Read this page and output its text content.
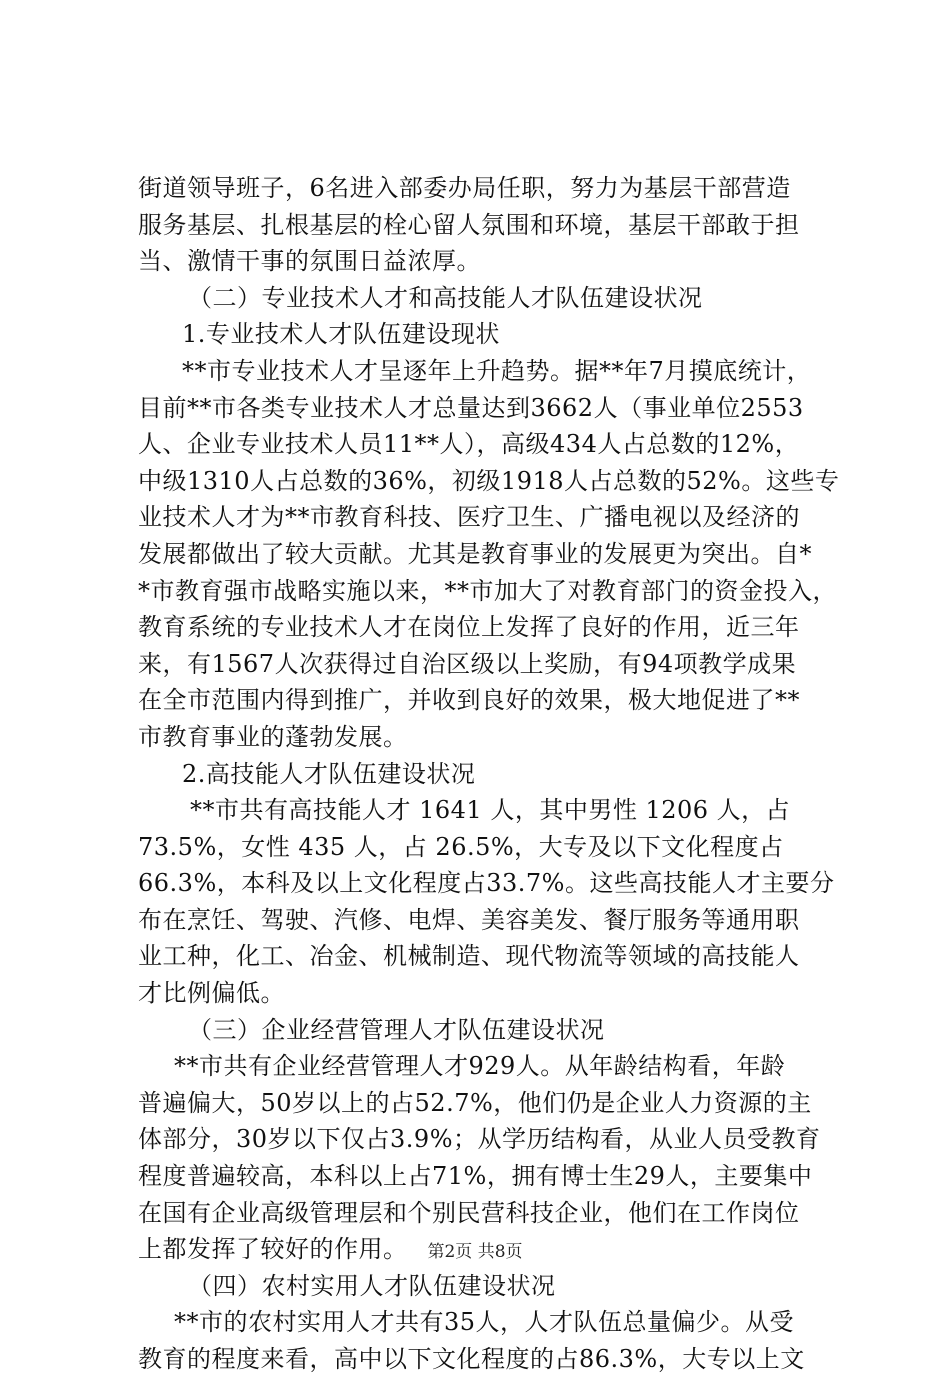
街道领导班子，6名进入部委办局任职，努力为基层干部营造
服务基层、扎根基层的栓心留人氛围和环境，基层干部敢于担
当、激情干事的氛围日益浓厚。
（二）专业技术人才和高技能人才队伍建设状况
1.专业技术人才队伍建设现状
**市专业技术人才呈逐年上升趋势。据**年7月摸底统计，
目前**市各类专业技术人才总量达到3662人（事业单位2553
人、企业专业技术人员11**人），高级434人占总数的12%，
中级1310人占总数的36%，初级1918人占总数的52%。这些专
业技术人才为**市教育科技、医疗卫生、广播电视以及经济的
发展都做出了较大贡献。尤其是教育事业的发展更为突出。自*
*市教育强市战略实施以来，**市加大了对教育部门的资金投入，
教育系统的专业技术人才在岗位上发挥了良好的作用，近三年
来，有1567人次获得过自治区级以上奖励，有94项教学成果
在全市范围内得到推广，并收到良好的效果，极大地促进了**
市教育事业的蓬勃发展。
2.高技能人才队伍建设状况
**市共有高技能人才 1641 人，其中男性 1206 人，占
73.5%，女性 435 人，占 26.5%，大专及以下文化程度占
66.3%，本科及以上文化程度占33.7%。这些高技能人才主要分
布在烹饪、驾驶、汽修、电焊、美容美发、餐厅服务等通用职
业工种，化工、冶金、机械制造、现代物流等领域的高技能人
才比例偏低。
（三）企业经营管理人才队伍建设状况
**市共有企业经营管理人才929人。从年龄结构看，年龄
普遍偏大，50岁以上的占52.7%，他们仍是企业人力资源的主
体部分，30岁以下仅占3.9%；从学历结构看，从业人员受教育
程度普遍较高，本科以上占71%，拥有博士生29人，主要集中
在国有企业高级管理层和个别民营科技企业，他们在工作岗位
上都发挥了较好的作用。
（四）农村实用人才队伍建设状况
**市的农村实用人才共有35人，人才队伍总量偏少。从受
教育的程度来看，高中以下文化程度的占86.3%，大专以上文
第2页 共8页
